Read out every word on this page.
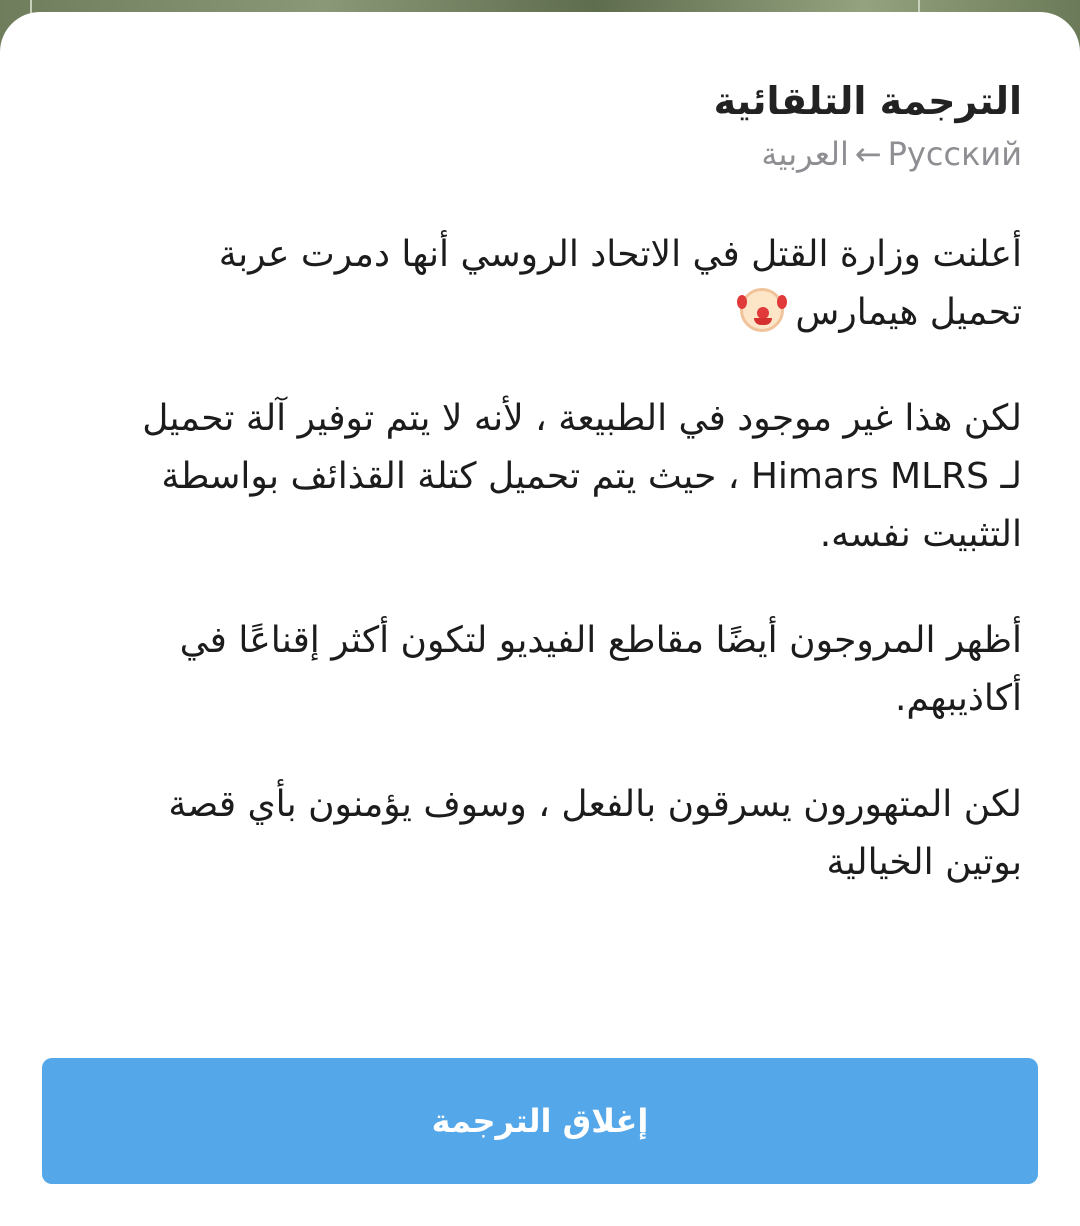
الترجمة التلقائية
العربية ← Русский

أعلنت وزارة القتل في الاتحاد الروسي أنها دمرت عربة تحميل هيمارس

لكن هذا غير موجود في الطبيعة ، لأنه لا يتم توفير آلة تحميل لـ Himars MLRS ، حيث يتم تحميل كتلة القذائف بواسطة التثبيت نفسه.

أظهر المروجون أيضًا مقاطع الفيديو لتكون أكثر إقناعًا في أكاذيبهم.

لكن المتهورون يسرقون بالفعل ، وسوف يؤمنون بأي قصة بوتين الخيالية

إغلاق الترجمة
